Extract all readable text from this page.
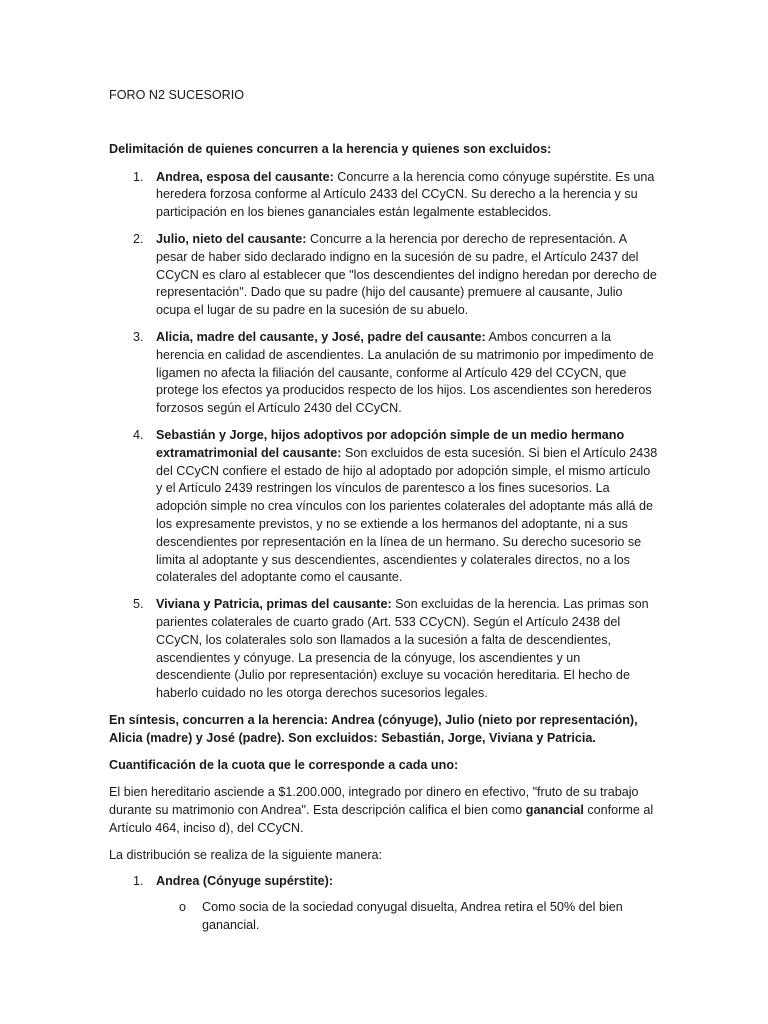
FORO N2 SUCESORIO
Delimitación de quienes concurren a la herencia y quienes son excluidos:
1. Andrea, esposa del causante: Concurre a la herencia como cónyuge supérstite. Es una heredera forzosa conforme al Artículo 2433 del CCyCN. Su derecho a la herencia y su participación en los bienes gananciales están legalmente establecidos.
2. Julio, nieto del causante: Concurre a la herencia por derecho de representación. A pesar de haber sido declarado indigno en la sucesión de su padre, el Artículo 2437 del CCyCN es claro al establecer que "los descendientes del indigno heredan por derecho de representación". Dado que su padre (hijo del causante) premuere al causante, Julio ocupa el lugar de su padre en la sucesión de su abuelo.
3. Alicia, madre del causante, y José, padre del causante: Ambos concurren a la herencia en calidad de ascendientes. La anulación de su matrimonio por impedimento de ligamen no afecta la filiación del causante, conforme al Artículo 429 del CCyCN, que protege los efectos ya producidos respecto de los hijos. Los ascendientes son herederos forzosos según el Artículo 2430 del CCyCN.
4. Sebastián y Jorge, hijos adoptivos por adopción simple de un medio hermano extramatrimonial del causante: Son excluidos de esta sucesión. Si bien el Artículo 2438 del CCyCN confiere el estado de hijo al adoptado por adopción simple, el mismo artículo y el Artículo 2439 restringen los vínculos de parentesco a los fines sucesorios. La adopción simple no crea vínculos con los parientes colaterales del adoptante más allá de los expresamente previstos, y no se extiende a los hermanos del adoptante, ni a sus descendientes por representación en la línea de un hermano. Su derecho sucesorio se limita al adoptante y sus descendientes, ascendientes y colaterales directos, no a los colaterales del adoptante como el causante.
5. Viviana y Patricia, primas del causante: Son excluidas de la herencia. Las primas son parientes colaterales de cuarto grado (Art. 533 CCyCN). Según el Artículo 2438 del CCyCN, los colaterales solo son llamados a la sucesión a falta de descendientes, ascendientes y cónyuge. La presencia de la cónyuge, los ascendientes y un descendiente (Julio por representación) excluye su vocación hereditaria. El hecho de haberlo cuidado no les otorga derechos sucesorios legales.

En síntesis, concurren a la herencia: Andrea (cónyuge), Julio (nieto por representación), Alicia (madre) y José (padre). Son excluidos: Sebastián, Jorge, Viviana y Patricia.

Cuantificación de la cuota que le corresponde a cada uno:

El bien hereditario asciende a $1.200.000, integrado por dinero en efectivo, "fruto de su trabajo durante su matrimonio con Andrea". Esta descripción califica el bien como ganancial conforme al Artículo 464, inciso d), del CCyCN.

La distribución se realiza de la siguiente manera:

1. Andrea (Cónyuge supérstite):
o Como socia de la sociedad conyugal disuelta, Andrea retira el 50% del bien ganancial.
